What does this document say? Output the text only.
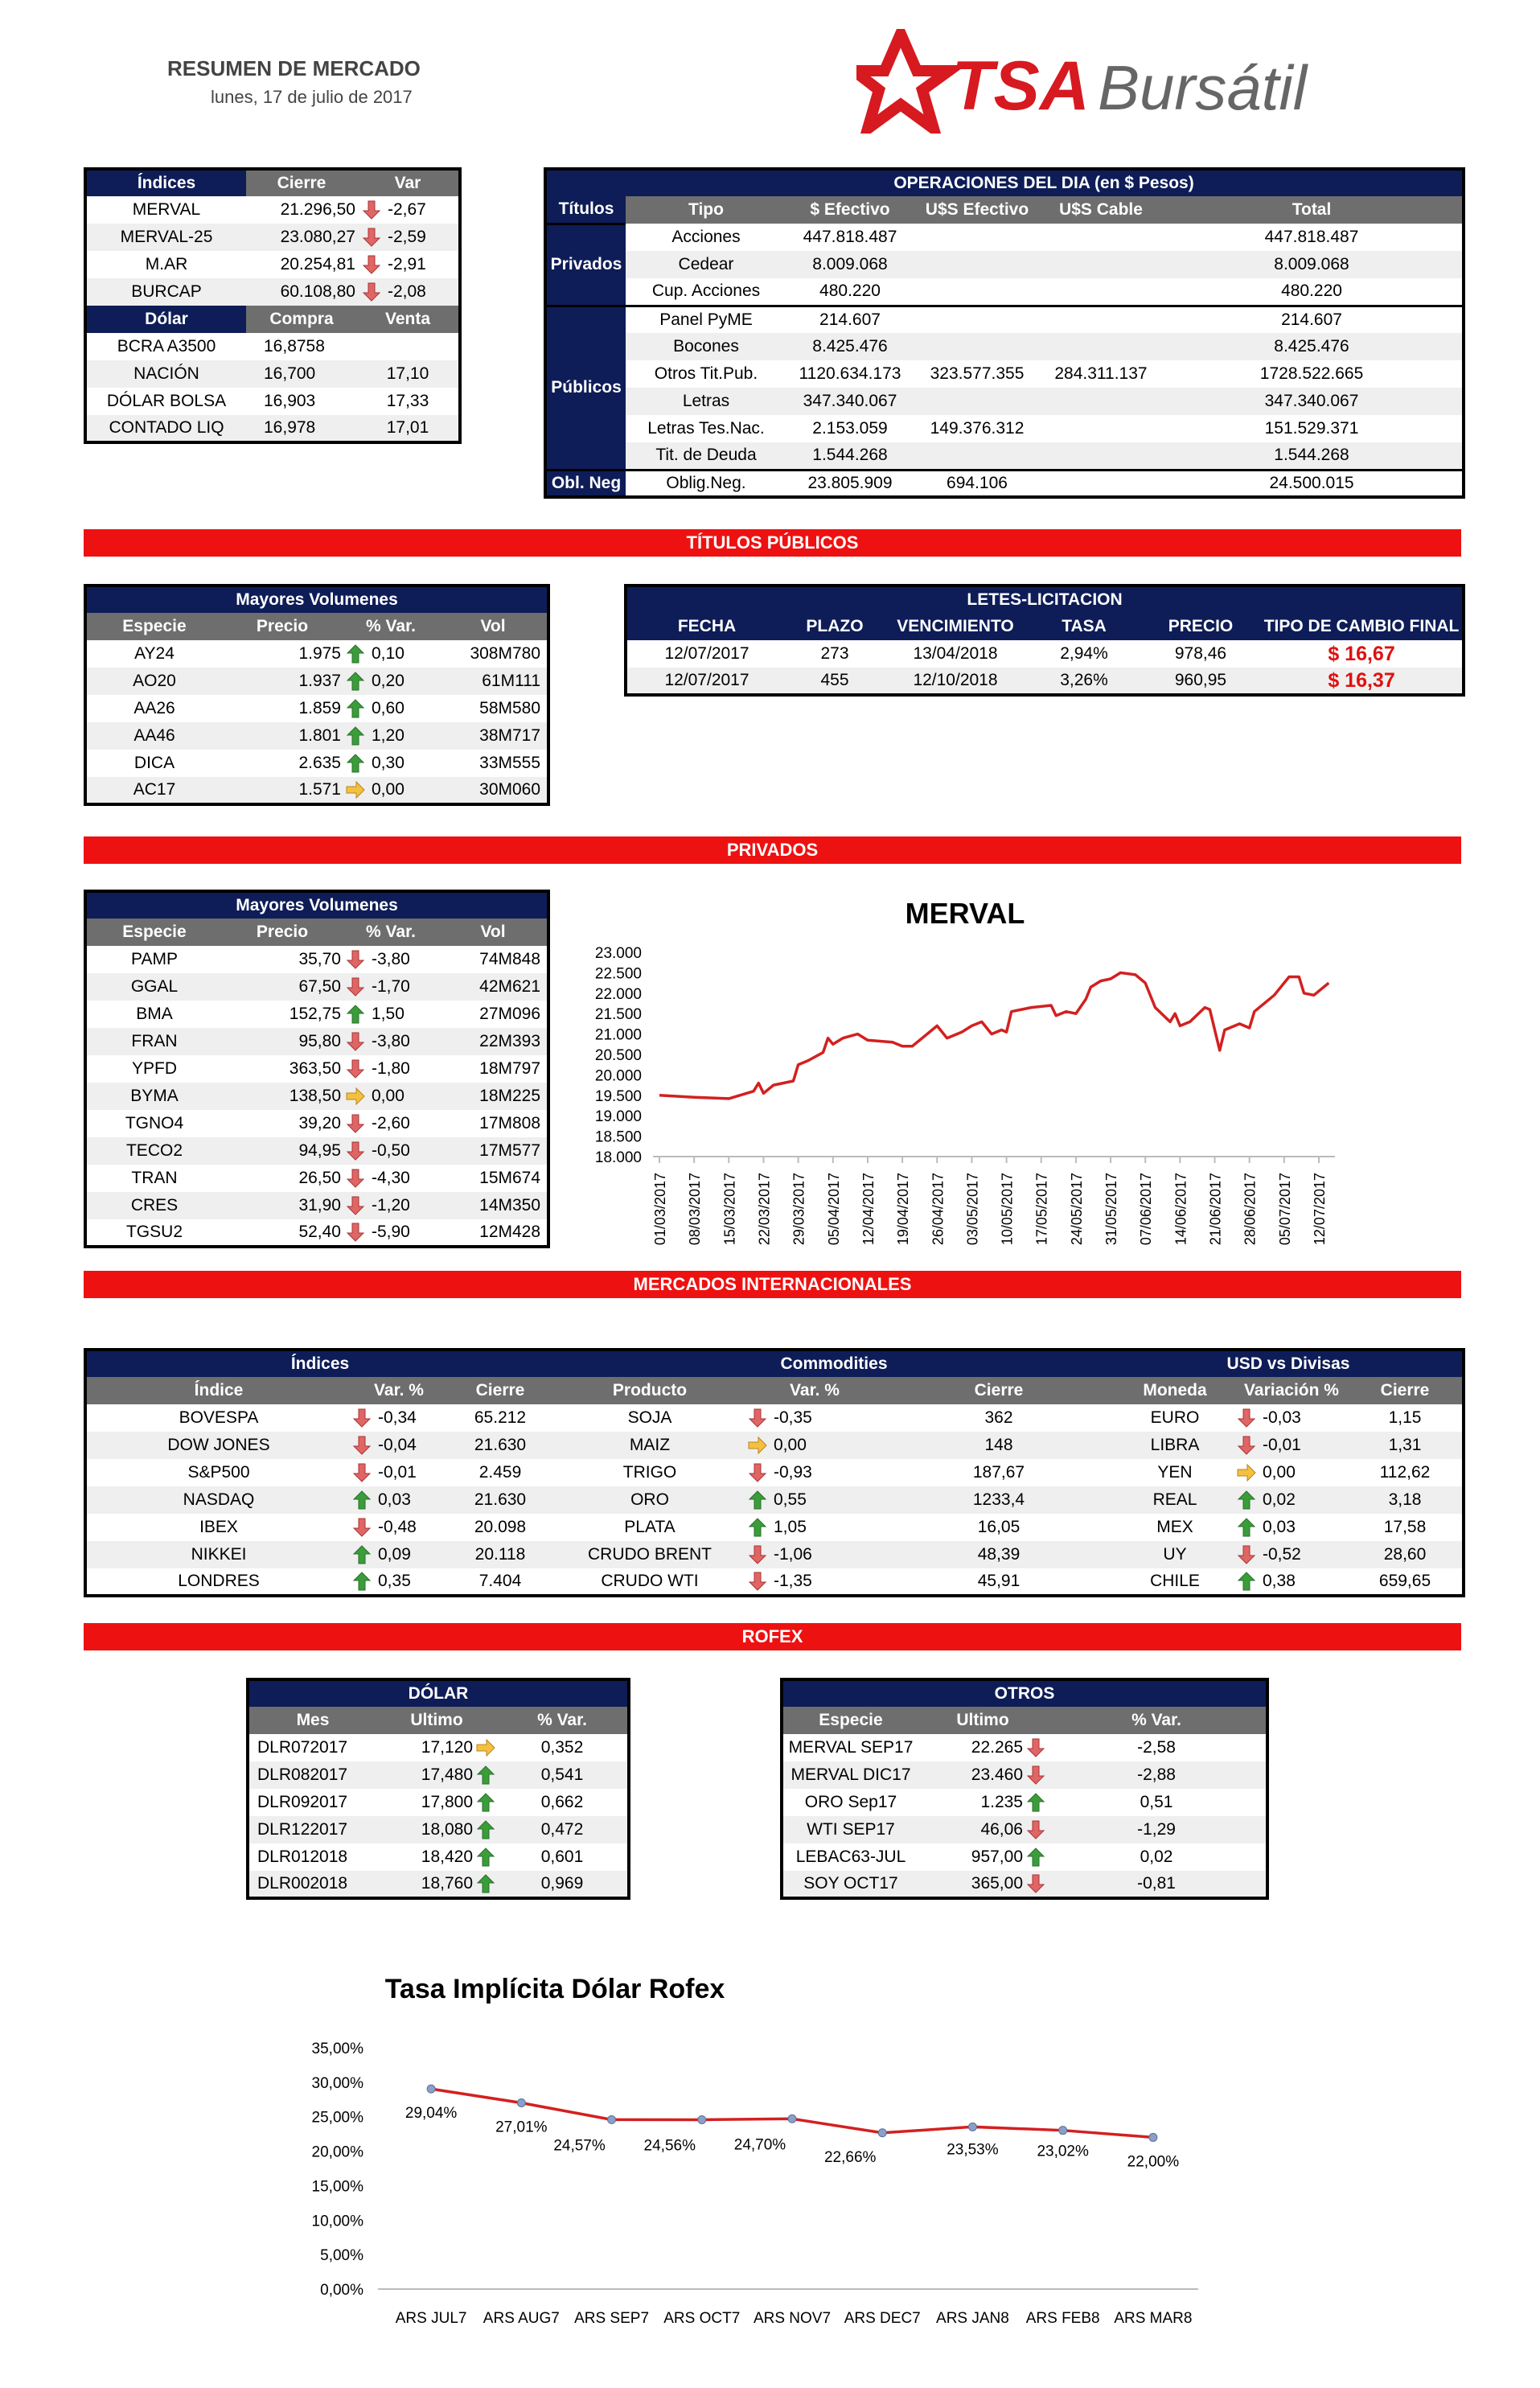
RESUMEN DE MERCADO
lunes, 17 de julio de 2017	TSA Bursátil
Índices	Cierre	Var
MERVAL	21.296,50	-2,67
MERVAL-25	23.080,27	-2,59
M.AR	20.254,81	-2,91
BURCAP	60.108,80	-2,08
Dólar	Compra	Venta
BCRA A3500	16,8758	
NACIÓN	16,700	17,10
DÓLAR BOLSA	16,903	17,33
CONTADO LIQ	16,978	17,01
	OPERACIONES DEL DIA (en $ Pesos)				
Títulos	Tipo	$ Efectivo	U$S Efectivo	U$S Cable	Total
Privados	Acciones	447.818.487			447.818.487
	Cedear	8.009.068			8.009.068
	Cup. Acciones	480.220			480.220
Públicos	Panel PyME	214.607			214.607
	Bocones	8.425.476			8.425.476
	Otros Tit.Pub.	1120.634.173	323.577.355	284.311.137	1728.522.665
	Letras	347.340.067			347.340.067
	Letras Tes.Nac.	2.153.059	149.376.312		151.529.371
	Tit. de Deuda	1.544.268			1.544.268
Obl. Neg	Oblig.Neg.	23.805.909	694.106		24.500.015
TÍTULOS PÚBLICOS
Mayores Volumenes			
Especie	Precio	% Var.	Vol
AY24	1.975	0,10	308M780
AO20	1.937	0,20	61M111
AA26	1.859	0,60	58M580
AA46	1.801	1,20	38M717
DICA	2.635	0,30	33M555
AC17	1.571	0,00	30M060
LETES-LICITACION					
FECHA	PLAZO	VENCIMIENTO	TASA	PRECIO	TIPO DE CAMBIO FINAL
12/07/2017	273	13/04/2018	2,94%	978,46	$ 16,67
12/07/2017	455	12/10/2018	3,26%	960,95	$ 16,37
PRIVADOS
Mayores Volumenes			
Especie	Precio	% Var.	Vol
PAMP	35,70	-3,80	74M848
GGAL	67,50	-1,70	42M621
BMA	152,75	1,50	27M096
FRAN	95,80	-3,80	22M393
YPFD	363,50	-1,80	18M797
BYMA	138,50	0,00	18M225
TGNO4	39,20	-2,60	17M808
TECO2	94,95	-0,50	17M577
TRAN	26,50	-4,30	15M674
CRES	31,90	-1,20	14M350
TGSU2	52,40	-5,90	12M428
MERVAL
18.000
18.500
19.000
19.500
20.000
20.500
21.000
21.500
22.000
22.500
23.000
01/03/2017 08/03/2017 15/03/2017 22/03/2017 29/03/2017 05/04/2017 12/04/2017 19/04/2017 26/04/2017 03/05/2017 10/05/2017 17/05/2017 24/05/2017 31/05/2017 07/06/2017 14/06/2017 21/06/2017 28/06/2017 05/07/2017 12/07/2017
MERCADOS INTERNACIONALES
Índices			Commodities			USD vs Divisas		
Índice	Var. %	Cierre	Producto	Var. %	Cierre	Moneda	Variación %	Cierre
BOVESPA	-0,34	65.212	SOJA	-0,35	362	EURO	-0,03	1,15
DOW JONES	-0,04	21.630	MAIZ	0,00	148	LIBRA	-0,01	1,31
S&P500	-0,01	2.459	TRIGO	-0,93	187,67	YEN	0,00	112,62
NASDAQ	0,03	21.630	ORO	0,55	1233,4	REAL	0,02	3,18
IBEX	-0,48	20.098	PLATA	1,05	16,05	MEX	0,03	17,58
NIKKEI	0,09	20.118	CRUDO BRENT	-1,06	48,39	UY	-0,52	28,60
LONDRES	0,35	7.404	CRUDO WTI	-1,35	45,91	CHILE	0,38	659,65
ROFEX
DÓLAR		
Mes	Ultimo	% Var.
DLR072017	17,120	0,352
DLR082017	17,480	0,541
DLR092017	17,800	0,662
DLR122017	18,080	0,472
DLR012018	18,420	0,601
DLR002018	18,760	0,969
OTROS		
Especie	Ultimo	% Var.
MERVAL SEP17	22.265	-2,58
MERVAL DIC17	23.460	-2,88
ORO Sep17	1.235	0,51
WTI SEP17	46,06	-1,29
LEBAC63-JUL	957,00	0,02
SOY OCT17	365,00	-0,81
Tasa Implícita Dólar Rofex
0,00%
5,00%
10,00%
15,00%
20,00%
25,00%
30,00%
35,00%
ARS JUL7 ARS AUG7 ARS SEP7 ARS OCT7 ARS NOV7 ARS DEC7 ARS JAN8 ARS FEB8 ARS MAR8
29,04%
27,01%
24,57%	24,56%	24,70%
22,66%	23,53%	23,02%
22,00%
